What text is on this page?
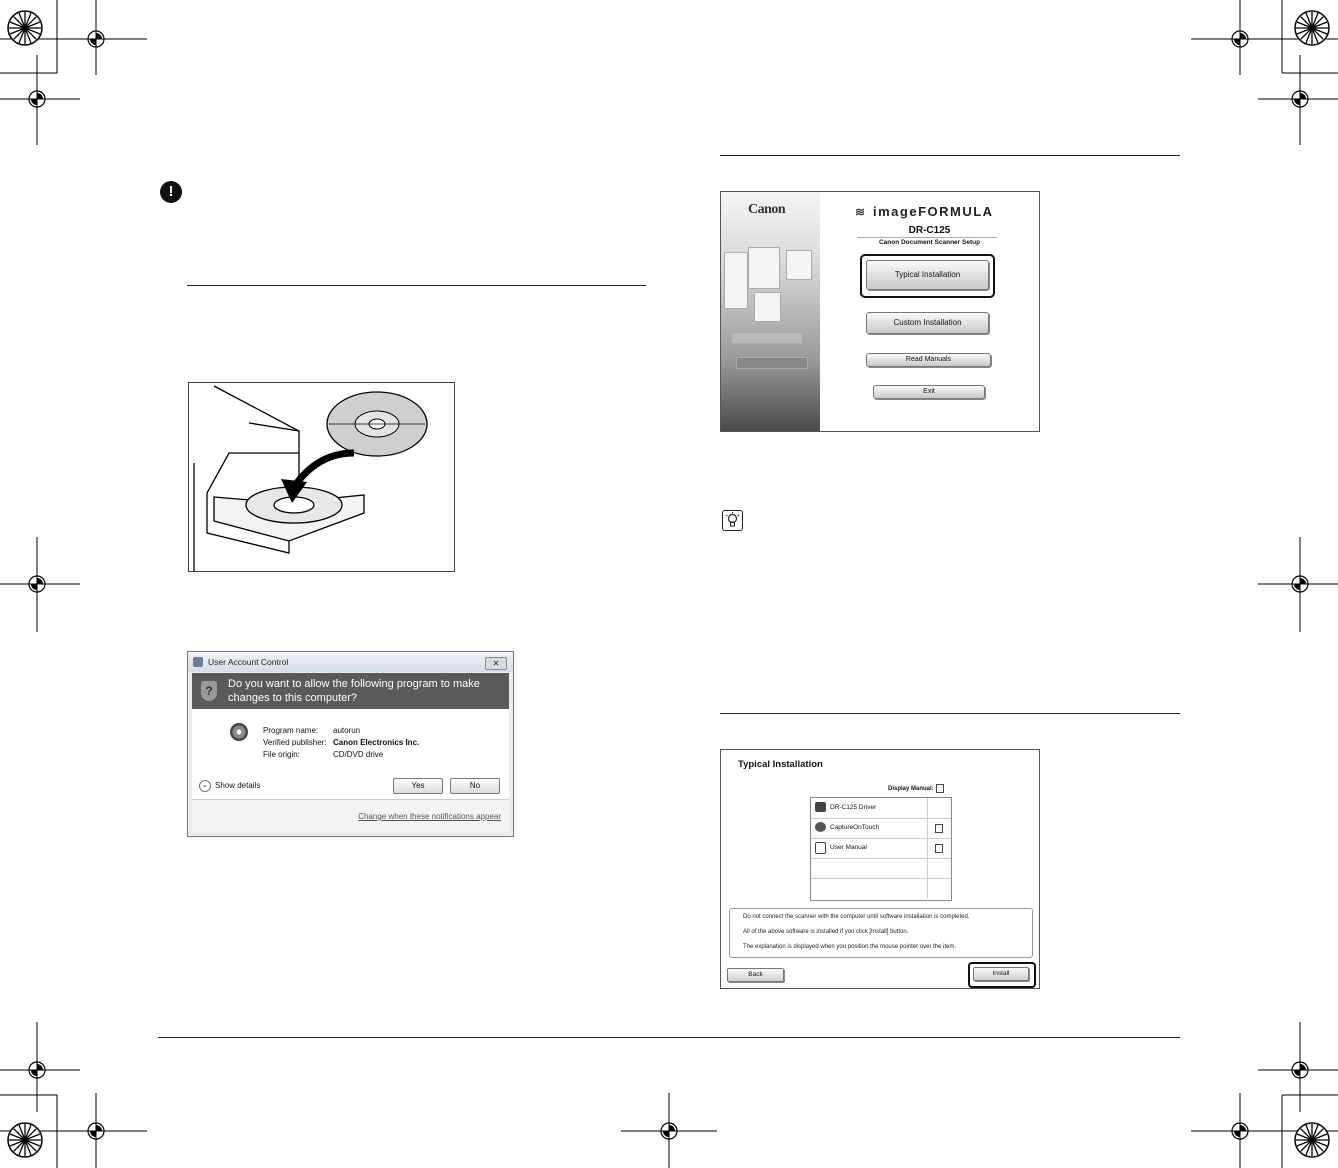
!
Canon	≋ imageFORMULA
DR-C125
Canon Document Scanner Setup
Typical Installation
Custom Installation
Read Manuals
Exit
User Account Control	✕
?	Do you want to allow the following program to make changes to this computer?
Program name: autorun
Verified publisher: Canon Electronics Inc.
File origin:	CD/DVD drive
⌄ Show details	Yes	No
Change when these notifications appear
Typical Installation
Display Manual:
DR-C125 Driver
CaptureOnTouch
User Manual
Do not connect the scanner with the computer until software installation is completed.
All of the above software is installed if you click [Install] button.
The explanation is displayed when you position the mouse pointer over the item.
Back	Install
